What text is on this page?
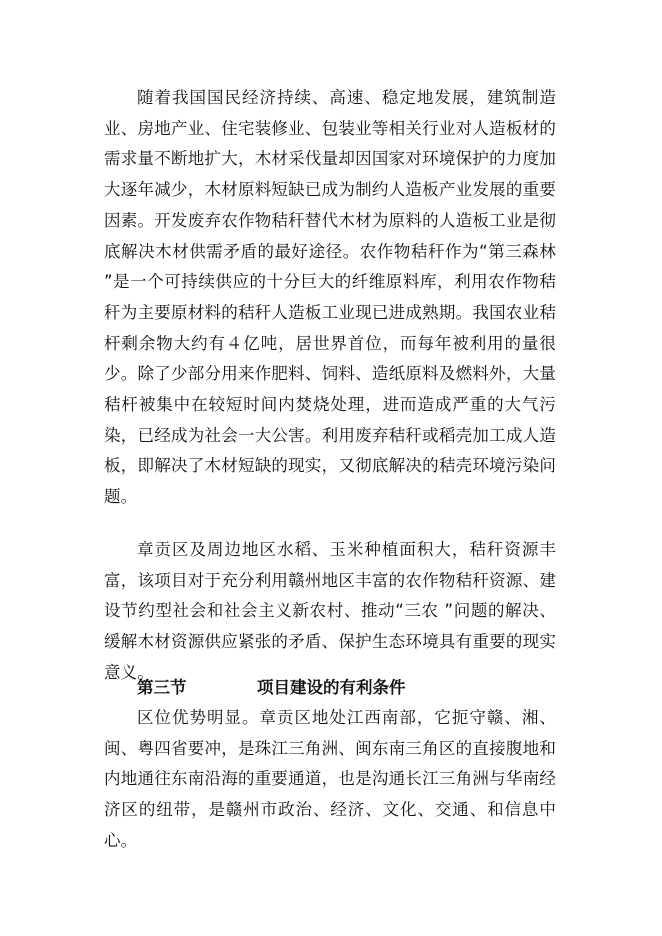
随着我国国民经济持续、高速、稳定地发展，建筑制造业、房地产业、住宅装修业、包装业等相关行业对人造板材的需求量不断地扩大，木材采伐量却因国家对环境保护的力度加大逐年减少，木材原料短缺已成为制约人造板产业发展的重要因素。开发废弃农作物秸秆替代木材为原料的人造板工业是彻底解决木材供需矛盾的最好途径。农作物秸秆作为“第三森林 ”是一个可持续供应的十分巨大的纤维原料库，利用农作物秸秆为主要原材料的秸秆人造板工业现已进成熟期。我国农业秸杆剩余物大约有４亿吨，居世界首位，而每年被利用的量很少。除了少部分用来作肥料、饲料、造纸原料及燃料外，大量秸杆被集中在较短时间内焚烧处理，进而造成严重的大气污染，已经成为社会一大公害。利用废弃秸秆或稻壳加工成人造板，即解决了木材短缺的现实，又彻底解决的秸壳环境污染问题。

章贡区及周边地区水稻、玉米种植面积大，秸秆资源丰富，该项目对于充分利用赣州地区丰富的农作物秸秆资源、建设节约型社会和社会主义新农村、推动“三农 ”问题的解决、缓解木材资源供应紧张的矛盾、保护生态环境具有重要的现实意义。

第三节	项目建设的有利条件

区位优势明显。章贡区地处江西南部，它扼守赣、湘、闽、粤四省要冲，是珠江三角洲、闽东南三角区的直接腹地和内地通往东南沿海的重要通道，也是沟通长江三角洲与华南经济区的纽带，是赣州市政治、经济、文化、交通、和信息中心。
